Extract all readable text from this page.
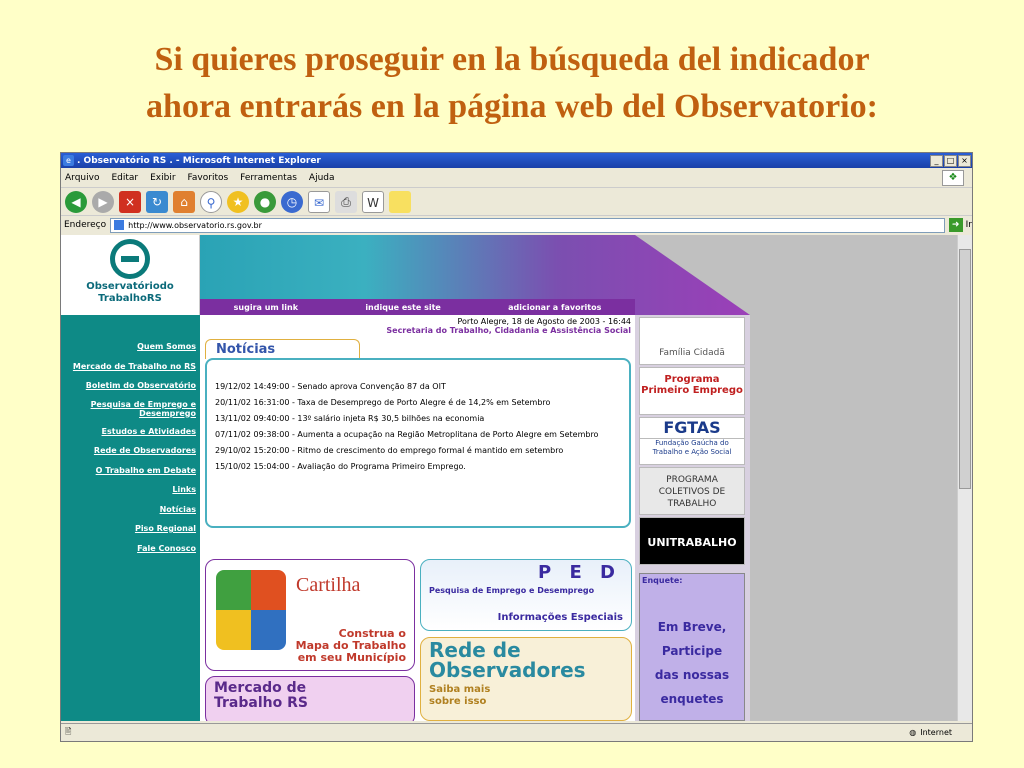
Si quieres proseguir en la búsqueda del indicador
ahora entrarás en la página web del Observatorio:
e . Observatório RS . - Microsoft Internet Explorer	_	□ ×
Arquivo Editar Exibir Favoritos Ferramentas Ajuda	❖
◀	▶	×	↻	⌂	⚲	★	●	◷	✉	⎙	W
Endereço	http://www.observatorio.rs.gov.br	➜ Ir
Observatóriodo
TrabalhoRS
sugira um link	indique este site	adicionar a favoritos
Quem Somos
Mercado de Trabalho no RS
Boletim do Observatório
Pesquisa de Emprego e Desemprego
Estudos e Atividades
Rede de Observadores
O Trabalho em Debate
Links
Notícias
Piso Regional
Fale Conosco
Porto Alegre, 18 de Agosto de 2003 - 16:44
Secretaria do Trabalho, Cidadania e Assistência Social
Notícias
19/12/02 14:49:00 - Senado aprova Convenção 87 da OIT
20/11/02 16:31:00 - Taxa de Desemprego de Porto Alegre é de 14,2% em Setembro
13/11/02 09:40:00 - 13º salário injeta R$ 30,5 bilhões na economia
07/11/02 09:38:00 - Aumenta a ocupação na Região Metroplitana de Porto Alegre em Setembro
29/10/02 15:20:00 - Ritmo de crescimento do emprego formal é mantido em setembro
15/10/02 15:04:00 - Avaliação do Programa Primeiro Emprego.
Cartilha
Construa o
Mapa do Trabalho
em seu Município
Mercado de
Trabalho RS
P E D
Pesquisa de Emprego e Desemprego
Informações Especiais
Rede de
Observadores
Saiba mais
sobre isso
Família Cidadã
Programa Primeiro Emprego
FGTAS
Fundação Gaúcha do Trabalho e Ação Social
PROGRAMA COLETIVOS DE TRABALHO
UNITRABALHO
Enquete:
Em Breve,
Participe
das nossas
enquetes
🖹	◍ Internet
